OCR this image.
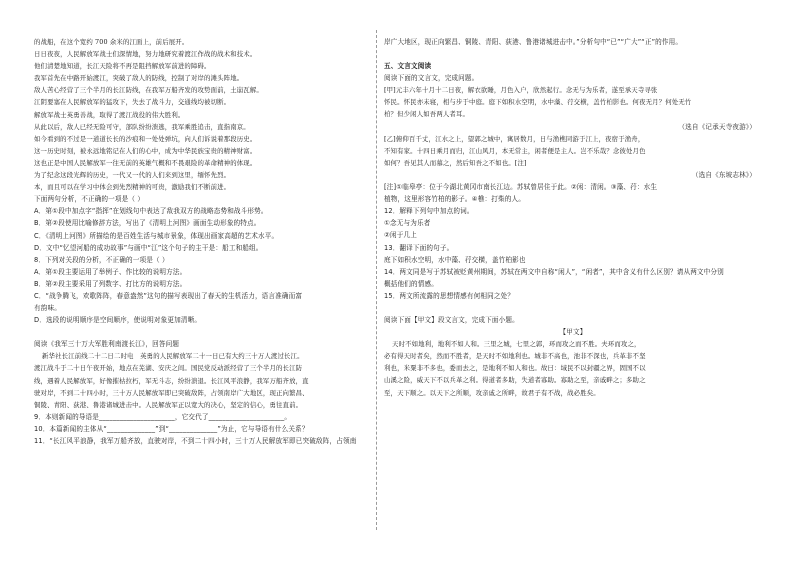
的战船，在这个宽约 700 余米的江面上，前后展开。

日日夜夜，人民解放军战士们深情地，努力地研究着渡江作战的战术和技术。

他们清楚地知道，长江天险将不再是阻挡解放军前进的障碍。

我军首先在中路开始渡江，突破了敌人的防线，控制了对岸的滩头阵地。

敌人苦心经营了三个半月的长江防线，在我军万船齐发的攻势面前，土崩瓦解。

江阴要塞在人民解放军的猛攻下，失去了战斗力，交通线均被切断。

解放军战士英勇善战，取得了渡江战役的伟大胜利。

从此以后，敌人已经无险可守，部队纷纷溃逃，我军乘胜追击，直指南京。

如今看到的不过是一道道长长的沙痕和一处处弹坑，向人们诉说着那段历史。

这一历史时刻，被永远地铭记在人们的心中，成为中华民族宝贵的精神财富。

这也正是中国人民解放军一往无前的英雄气概和不畏艰险的革命精神的体现。

为了纪念这段光辉的历史，一代又一代的人们来到这里，缅怀先烈。

本，而且可以在学习中体会到先烈精神的可贵，激励我们不断前进。

下面两句分析，不正确的一项是（ ）

A．第①段中加点字“指挥”在划线句中表达了敌我双方的战略态势和战斗形势。

B．第②段使用比喻修辞方法，写出了《清明上河图》画面生动形象的特点。

C．《清明上河图》所描绘的是百姓生活与城市景象，体现出画家高超的艺术水平。

D．文中“忆望河船的成功故事”与画中“江”这个句子的主干是：船工和船组。

8．下列对关段的分析，不正确的一项是（ ）

A．第①段主要运用了举例子、作比较的说明方法。

B．第②段主要采用了列数字、打比方的说明方法。

C．“战争腾飞，欢歌阵阵，春意盎然”这句的描写表现出了春天的生机活力，语言准确而富

有韵味。

D．选段的说明顺序是空间顺序，使说明对象更加清晰。

阅读《我军三十万大军胜利南渡长江》，回答问题

新华社长江前线二十二日二时电　英勇的人民解放军二十一日已有大约三十万人渡过长江。

渡江战斗于二十日午夜开始，地点在芜湖、安庆之间。国民党反动派经营了三个半月的长江防

线，遇着人民解放军，好像摧枯拉朽，军无斗志，纷纷溃退。长江风平浪静，我军万船齐放，直

驶对岸，不到二十四小时，三十万人民解放军即已突破敌阵，占领南岸广大地区，现正向繁昌、

铜陵、青阳、荻港、鲁港诸城进击中。人民解放军正以宽大的决心，坚定的信心，勇往直前。

9．本则新闻的导语是______________________，它交代了______________________。

10．本篇新闻的主体从“______________”到“______________”为止，它与导语有什么关系？

11．“长江风平浪静，我军万船齐放，直驶对岸，不到二十四小时，三十万人民解放军即已突破敌阵，占领南

岸广大地区，现正向繁昌、铜陵、青阳、荻港、鲁港诸城进击中。”分析句中“已”“广大”“正”的作用。

五、文言文阅读

阅读下面的文言文，完成问题。

[甲]元丰六年十月十二日夜，解衣欲睡，月色入户，欣然起行。念无与为乐者，遂至承天寺寻张

怀民。怀民亦未寝，相与步于中庭。庭下如积水空明，水中藻、荇交横，盖竹柏影也。何夜无月？何处无竹

柏？但少闲人如吾两人者耳。

（选自《记承天寺夜游》）

[乙]俯仰百千丈，江水之上，望郭之城中，寓居数月，日与渔樵同游于江上，夜宿于渔舟，

不知有家。十四日乘月而归，江山风月，本无常主，闲者便是主人。岂不乐哉？念彼处月色

如何？吾见其人而慕之，然后知吾之不如也。[注]

（选自《东坡志林》）

[注]①临皋亭：位于今湖北黄冈市南长江边。苏轼曾居住于此。②闲：清闲。③藻、荇：水生

植物，这里形容竹柏的影子。④樵：打柴的人。

12．解释下列句中加点的词。

①念无与为乐者

②闲于几上

13．翻译下面的句子。

庭下如积水空明，水中藻、荇交横，盖竹柏影也

14．两文同是写于苏轼被贬黄州期间，苏轼在两文中自称“闲人”，“闲者”，其中含义有什么区别？请从两文中分别

概括他们的情感。

15．两文所流露的思想情感有何相同之处？

阅读下面【甲文】段文言文，完成下面小题。

【甲文】

天时不如地利，地利不如人和。三里之城，七里之郭，环而攻之而不胜。夫环而攻之，

必有得天时者矣，然而不胜者，是天时不如地利也。城非不高也，池非不深也，兵革非不坚

利也，米粟非不多也，委而去之，是地利不如人和也。故曰：域民不以封疆之界，固国不以

山溪之险，威天下不以兵革之利。得道者多助，失道者寡助。寡助之至，亲戚畔之；多助之

至，天下顺之。以天下之所顺，攻亲戚之所畔，故君子有不战，战必胜矣。
